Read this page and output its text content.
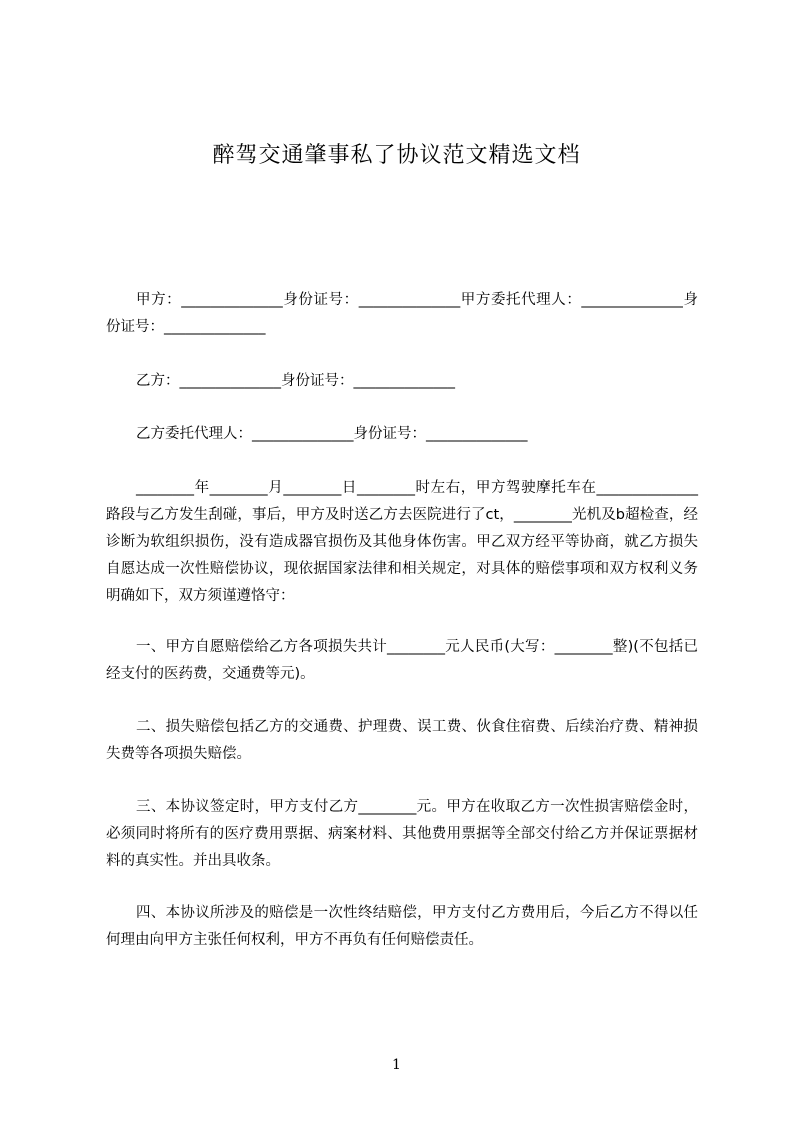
醉驾交通肇事私了协议范文精选文档

甲方：______________身份证号：______________甲方委托代理人：______________身份证号：______________

乙方：______________身份证号：______________

乙方委托代理人：______________身份证号：______________

________年________月________日________时左右，甲方驾驶摩托车在______________路段与乙方发生刮碰，事后，甲方及时送乙方去医院进行了ct，________光机及b超检查，经诊断为软组织损伤，没有造成器官损伤及其他身体伤害。甲乙双方经平等协商，就乙方损失自愿达成一次性赔偿协议，现依据国家法律和相关规定，对具体的赔偿事项和双方权利义务明确如下，双方须谨遵恪守：

一、甲方自愿赔偿给乙方各项损失共计________元人民币(大写：________整)(不包括已经支付的医药费，交通费等元)。

二、损失赔偿包括乙方的交通费、护理费、误工费、伙食住宿费、后续治疗费、精神损失费等各项损失赔偿。

三、本协议签定时，甲方支付乙方________元。甲方在收取乙方一次性损害赔偿金时，必须同时将所有的医疗费用票据、病案材料、其他费用票据等全部交付给乙方并保证票据材料的真实性。并出具收条。

四、本协议所涉及的赔偿是一次性终结赔偿，甲方支付乙方费用后，今后乙方不得以任何理由向甲方主张任何权利，甲方不再负有任何赔偿责任。

1
